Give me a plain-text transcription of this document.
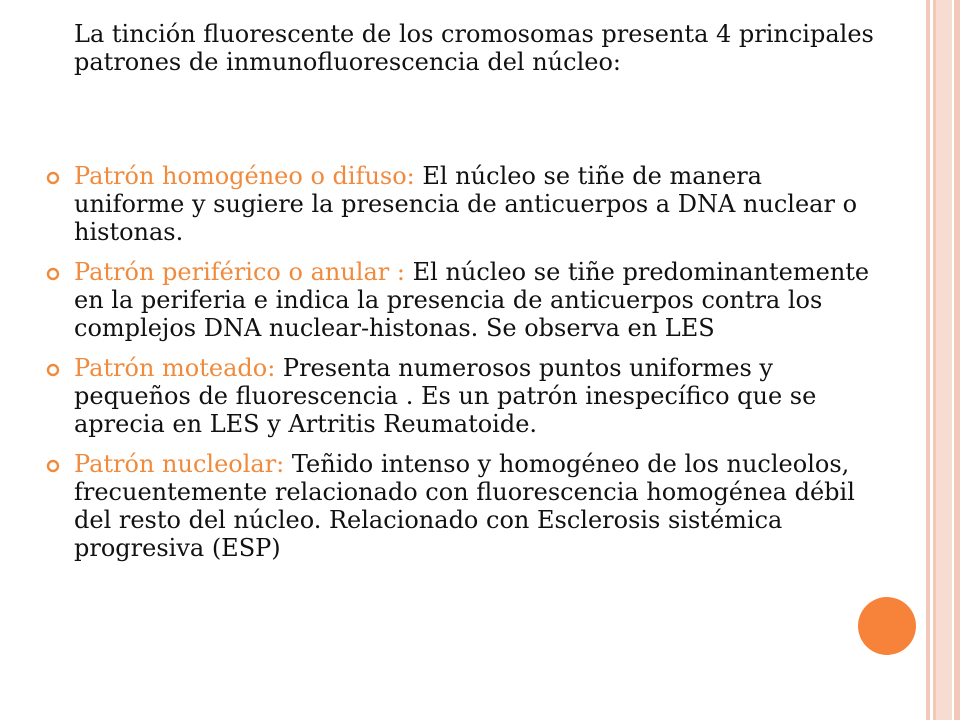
La tinción fluorescente de los cromosomas presenta 4 principales patrones de inmunofluorescencia del núcleo:

Patrón homogéneo o difuso: El núcleo se tiñe de manera uniforme y sugiere la presencia de anticuerpos a DNA nuclear o histonas.
Patrón periférico o anular : El núcleo se tiñe predominantemente en la periferia e indica la presencia de anticuerpos contra los complejos DNA nuclear-histonas. Se observa en LES
Patrón moteado: Presenta numerosos puntos uniformes y pequeños de fluorescencia . Es un patrón inespecífico que se aprecia en LES y Artritis Reumatoide.
Patrón nucleolar: Teñido intenso y homogéneo de los nucleolos, frecuentemente relacionado con fluorescencia homogénea débil del resto del núcleo. Relacionado con Esclerosis sistémica progresiva (ESP)
